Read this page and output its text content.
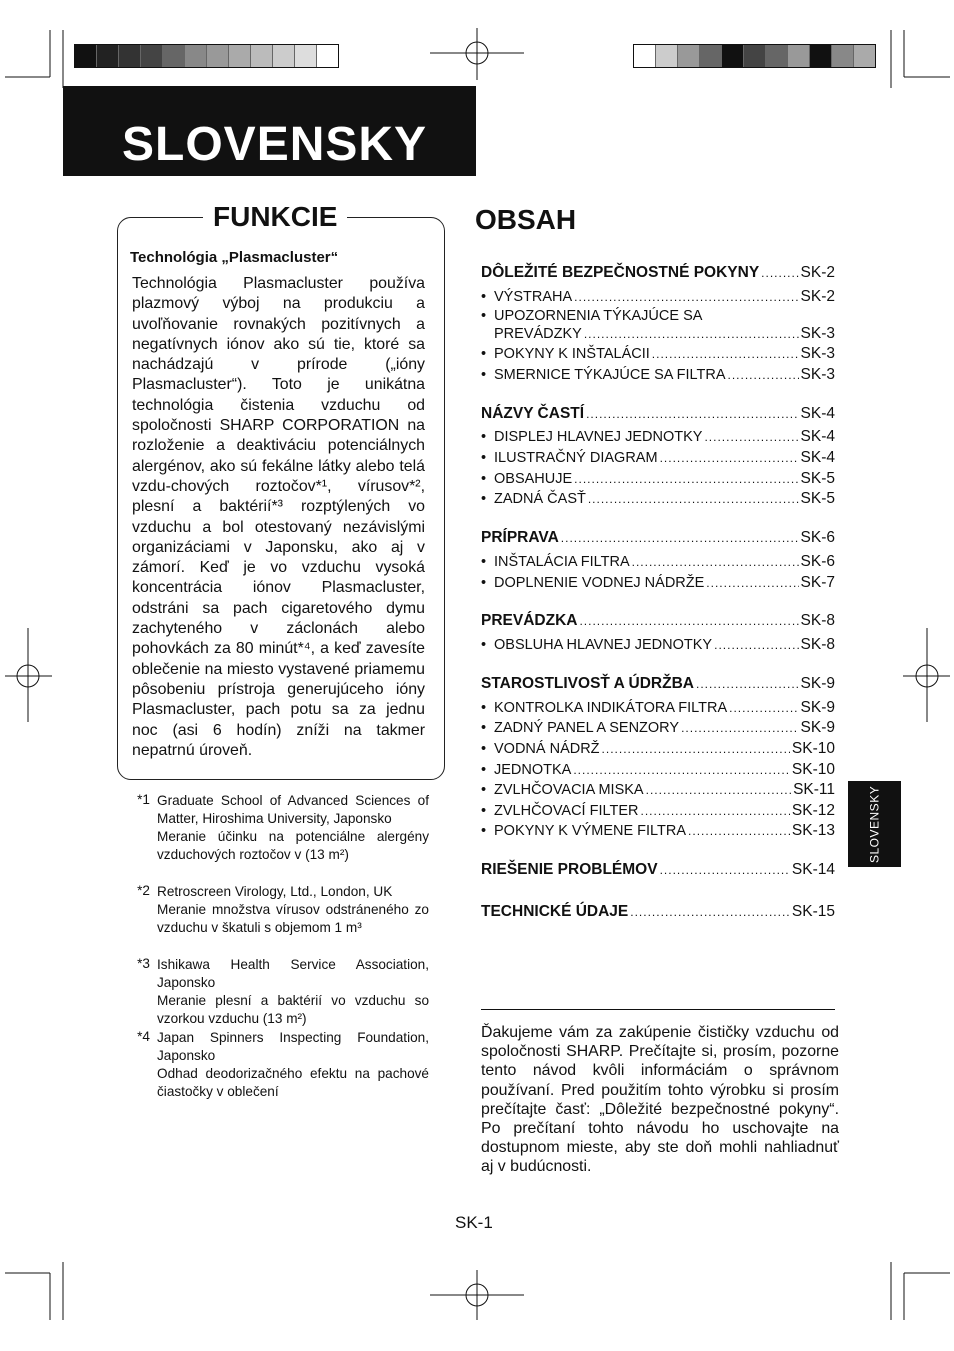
SLOVENSKY
FUNKCIE
Technológia „Plasmacluster“
Technológia Plasmacluster používa plazmový výboj na produkciu a uvoľňovanie rovnakých pozitívnych a negatívnych iónov ako sú tie, ktoré sa nachádzajú v prírode („ióny Plasmacluster“). Toto je unikátna technológia čistenia vzduchu od spoločnosti SHARP CORPORATION na rozloženie a deaktiváciu potenciálnych alergénov, ako sú fekálne látky alebo telá vzdu-chových roztočov*¹, vírusov*², plesní a baktérií*³ rozptýlených vo vzduchu a bol otestovaný nezávislými organizáciami v Japonsku, ako aj v zámorí. Keď je vo vzduchu vysoká koncentrácia iónov Plasmacluster, odstráni sa pach cigaretového dymu zachyteného v záclonách alebo pohovkách za 80 minút*⁴, a keď zavesíte oblečenie na miesto vystavené priamemu pôsobeniu prístroja generujúceho ióny Plasmacluster, pach potu sa za jednu noc (asi 6 hodín) zníži na takmer nepatrnú úroveň.
*1 Graduate School of Advanced Sciences of Matter, Hiroshima University, Japonsko
Meranie účinku na potenciálne alergény vzduchových roztočov v (13 m²)
*2 Retroscreen Virology, Ltd., London, UK
Meranie množstva vírusov odstráneného zo vzduchu v škatuli s objemom 1 m³
*3 Ishikawa Health Service Association, Japonsko
Meranie plesní a baktérií vo vzduchu so vzorkou vzduchu (13 m²)
*4 Japan Spinners Inspecting Foundation, Japonsko
Odhad deodorizačného efektu na pachové čiastočky v oblečení
OBSAH
DÔLEŽITÉ BEZPEČNOSTNÉ POKYNY .....	SK-2
• VÝSTRAHA .....	SK-2
• UPOZORNENIA TÝKAJÚCE SA
PREVÁDZKY .....	SK-3
• POKYNY K INŠTALÁCII .....	SK-3
• SMERNICE TÝKAJÚCE SA FILTRA .....	SK-3
NÁZVY ČASTÍ .....	SK-4
• DISPLEJ HLAVNEJ JEDNOTKY .....	SK-4
• ILUSTRAČNÝ DIAGRAM .....	SK-4
• OBSAHUJE .....	SK-5
• ZADNÁ ČASŤ .....	SK-5
PRÍPRAVA .....	SK-6
• INŠTALÁCIA FILTRA .....	SK-6
• DOPLNENIE VODNEJ NÁDRŽE .....	SK-7
PREVÁDZKA .....	SK-8
• OBSLUHA HLAVNEJ JEDNOTKY .....	SK-8
STAROSTLIVOSŤ A ÚDRŽBA .....	SK-9
• KONTROLKA INDIKÁTORA FILTRA .....	SK-9
• ZADNÝ PANEL A SENZORY .....	SK-9
• VODNÁ NÁDRŽ .....	SK-10
• JEDNOTKA .....	SK-10
• ZVLHČOVACIA MISKA .....	SK-11
• ZVLHČOVACÍ FILTER .....	SK-12
• POKYNY K VÝMENE FILTRA .....	SK-13
RIEŠENIE PROBLÉMOV .....	SK-14
TECHNICKÉ ÚDAJE .....	SK-15
Ďakujeme vám za zakúpenie čističky vzduchu od spoločnosti SHARP. Prečítajte si, prosím, pozorne tento návod kvôli informáciám o správnom používaní. Pred použitím tohto výrobku si prosím prečítajte časť: „Dôležité bezpečnostné pokyny“. Po prečítaní tohto návodu ho uschovajte na dostupnom mieste, aby ste doň mohli nahliadnuť aj v budúcnosti.
SK-1
SLOVENSKY
